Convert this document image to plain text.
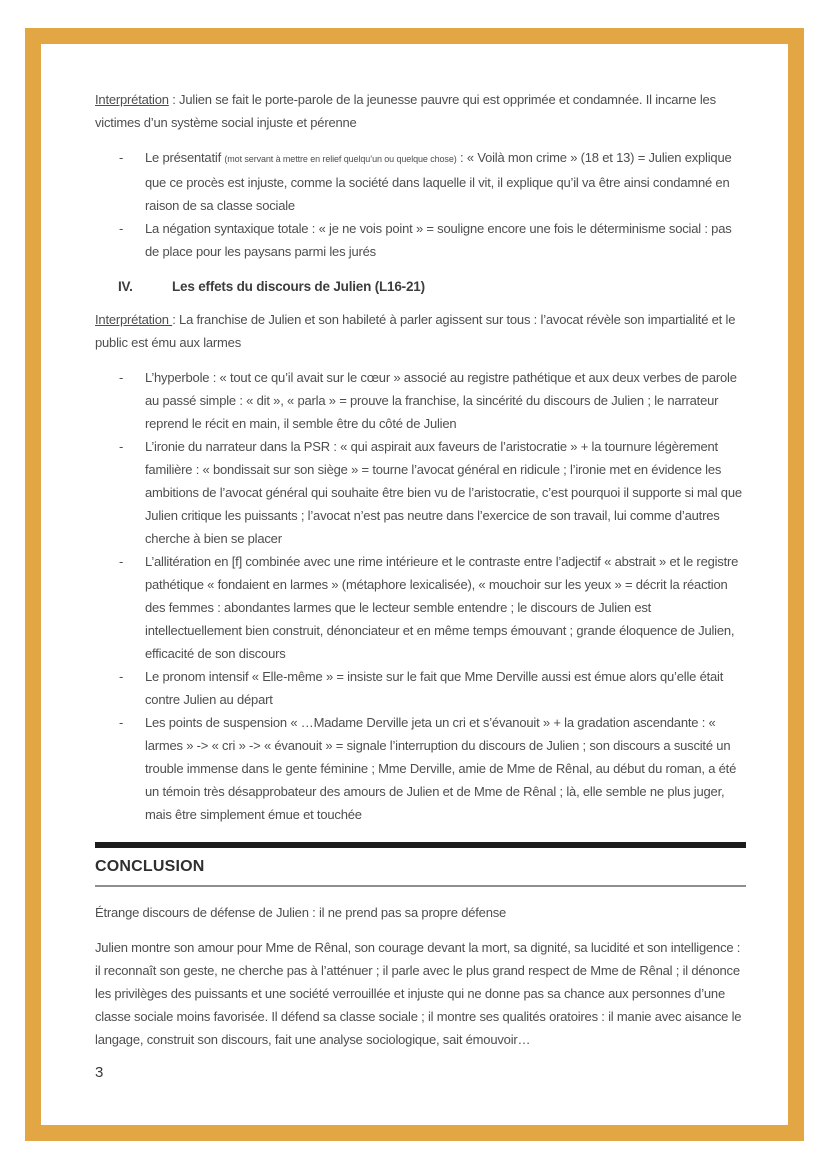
Interprétation : Julien se fait le porte-parole de la jeunesse pauvre qui est opprimée et condamnée. Il incarne les victimes d’un système social injuste et pérenne

-	Le présentatif (mot servant à mettre en relief quelqu’un ou quelque chose) : « Voilà mon crime » (18 et 13) = Julien explique que ce procès est injuste, comme la société dans laquelle il vit, il explique qu’il va être ainsi condamné en raison de sa classe sociale
-	La négation syntaxique totale : « je ne vois point » = souligne encore une fois le déterminisme social : pas de place pour les paysans parmi les jurés
IV.	Les effets du discours de Julien (L16-21)

Interprétation : La franchise de Julien et son habileté à parler agissent sur tous : l’avocat révèle son impartialité et le public est ému aux larmes

-	L’hyperbole : « tout ce qu’il avait sur le cœur » associé au registre pathétique et aux deux verbes de parole au passé simple : « dit », « parla » = prouve la franchise, la sincérité du discours de Julien ; le narrateur reprend le récit en main, il semble être du côté de Julien
-	L’ironie du narrateur dans la PSR : « qui aspirait aux faveurs de l’aristocratie » + la tournure légèrement familière : « bondissait sur son siège » = tourne l’avocat général en ridicule ; l’ironie met en évidence les ambitions de l’avocat général qui souhaite être bien vu de l’aristocratie, c’est pourquoi il supporte si mal que Julien critique les puissants ; l’avocat n’est pas neutre dans l’exercice de son travail, lui comme d’autres cherche à bien se placer
-	L’allitération en [f] combinée avec une rime intérieure et le contraste entre l’adjectif « abstrait » et le registre pathétique « fondaient en larmes » (métaphore lexicalisée), « mouchoir sur les yeux » = décrit la réaction des femmes : abondantes larmes que le lecteur semble entendre ; le discours de Julien est intellectuellement bien construit, dénonciateur et en même temps émouvant ; grande éloquence de Julien, efficacité de son discours
-	Le pronom intensif « Elle-même » = insiste sur le fait que Mme Derville aussi est émue alors qu’elle était contre Julien au départ
-	Les points de suspension « …Madame Derville jeta un cri et s’évanouit » + la gradation ascendante : « larmes » -> « cri » -> « évanouit » = signale l’interruption du discours de Julien ; son discours a suscité un trouble immense dans le gente féminine ; Mme Derville, amie de Mme de Rênal, au début du roman, a été un témoin très désapprobateur des amours de Julien et de Mme de Rênal ; là, elle semble ne plus juger, mais être simplement émue et touchée
CONCLUSION

Étrange discours de défense de Julien : il ne prend pas sa propre défense

Julien montre son amour pour Mme de Rênal, son courage devant la mort, sa dignité, sa lucidité et son intelligence : il reconnaît son geste, ne cherche pas à l’atténuer ; il parle avec le plus grand respect de Mme de Rênal ; il dénonce les privilèges des puissants et une société verrouillée et injuste qui ne donne pas sa chance aux personnes d’une classe sociale moins favorisée. Il défend sa classe sociale ; il montre ses qualités oratoires : il manie avec aisance le langage, construit son discours, fait une analyse sociologique, sait émouvoir…

3
